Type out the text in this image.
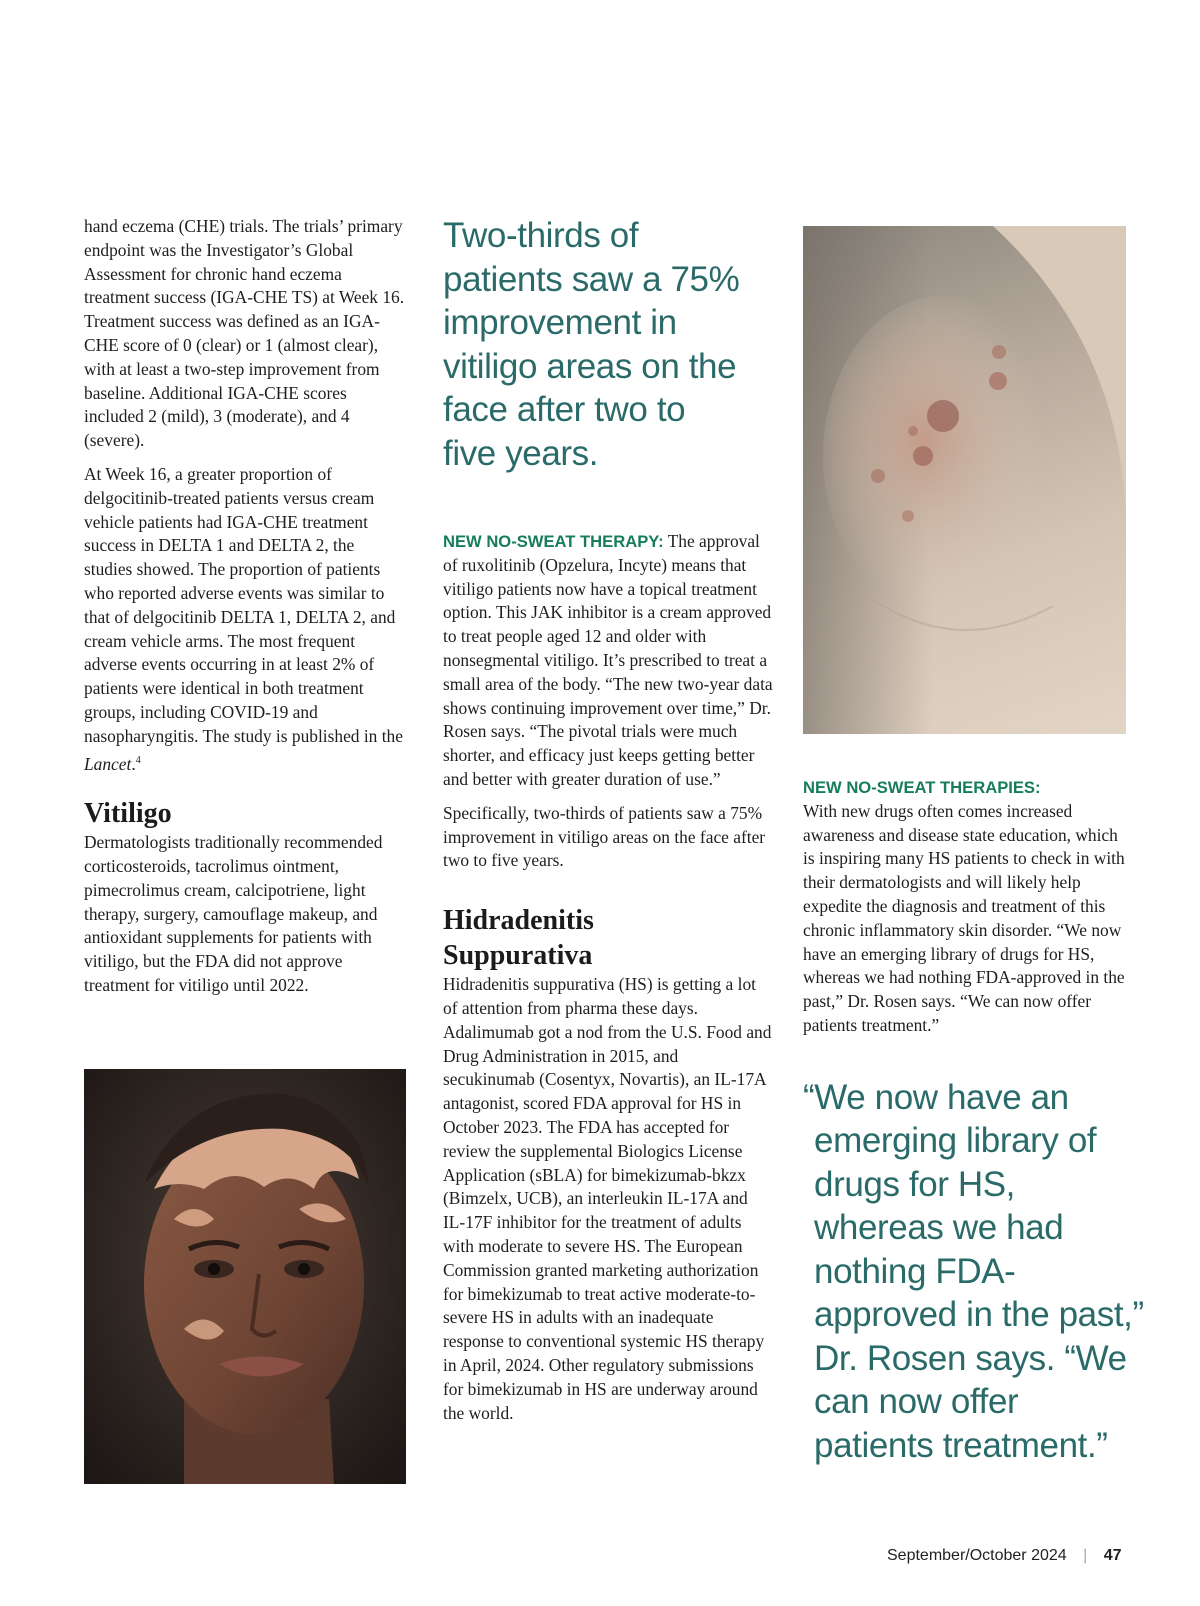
hand eczema (CHE) trials. The trials’ primary endpoint was the Investigator’s Global Assessment for chronic hand eczema treatment success (IGA-CHE TS) at Week 16. Treatment success was defined as an IGA-CHE score of 0 (clear) or 1 (almost clear), with at least a two-step improvement from baseline. Additional IGA-CHE scores included 2 (mild), 3 (moderate), and 4 (severe).

At Week 16, a greater proportion of delgocitinib-treated patients versus cream vehicle patients had IGA-CHE treatment success in DELTA 1 and DELTA 2, the studies showed. The proportion of patients who reported adverse events was similar to that of delgocitinib DELTA 1, DELTA 2, and cream vehicle arms. The most frequent adverse events occurring in at least 2% of patients were identical in both treatment groups, including COVID-19 and nasopharyngitis. The study is published in the Lancet.$^4$

Vitiligo

Dermatologists traditionally recommended corticosteroids, tacrolimus ointment, pimecrolimus cream, calcipotriene, light therapy, surgery, camouflage makeup, and antioxidant supplements for patients with vitiligo, but the FDA did not approve treatment for vitiligo until 2022.

Two-thirds of patients saw a 75% improvement in vitiligo areas on the face after two to five years.

NEW NO-SWEAT THERAPY: The approval of ruxolitinib (Opzelura, Incyte) means that vitiligo patients now have a topical treatment option. This JAK inhibitor is a cream approved to treat people aged 12 and older with nonsegmental vitiligo. It’s prescribed to treat a small area of the body. “The new two-year data shows continuing improvement over time,” Dr. Rosen says. “The pivotal trials were much shorter, and efficacy just keeps getting better and better with greater duration of use.”

Specifically, two-thirds of patients saw a 75% improvement in vitiligo areas on the face after two to five years.

Hidradenitis
Suppurativa

Hidradenitis suppurativa (HS) is getting a lot of attention from pharma these days. Adalimumab got a nod from the U.S. Food and Drug Administration in 2015, and secukinumab (Cosentyx, Novartis), an IL-17A antagonist, scored FDA approval for HS in October 2023. The FDA has accepted for review the supplemental Biologics License Application (sBLA) for bimekizumab-bkzx (Bimzelx, UCB), an interleukin IL-17A and IL-17F inhibitor for the treatment of adults with moderate to severe HS. The European Commission granted marketing authorization for bimekizumab to treat active moderate-to-severe HS in adults with an inadequate response to conventional systemic HS therapy in April, 2024. Other regulatory submissions for bimekizumab in HS are underway around the world.

NEW NO-SWEAT THERAPIES:
With new drugs often comes increased awareness and disease state education, which is inspiring many HS patients to check in with their dermatologists and will likely help expedite the diagnosis and treatment of this chronic inflammatory skin disorder. “We now have an emerging library of drugs for HS, whereas we had nothing FDA-approved in the past,” Dr. Rosen says. “We can now offer patients treatment.”

“We now have an emerging library of drugs for HS, whereas we had nothing FDA-approved in the past,” Dr. Rosen says. “We can now offer patients treatment.”

September/October 2024 | 47
